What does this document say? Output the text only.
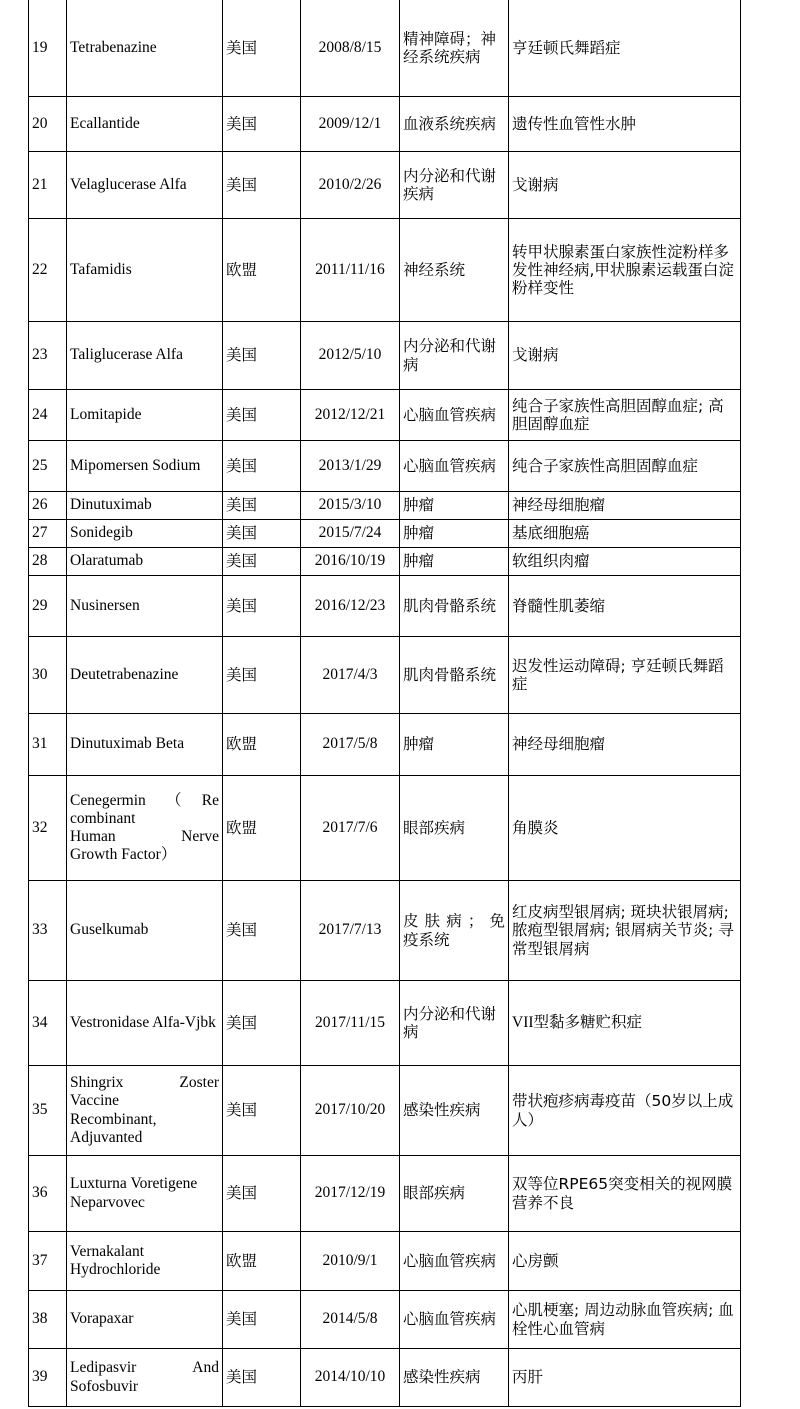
19	Tetrabenazine	美国	2008/8/15	精神障碍；神经系统疾病	亨廷顿氏舞蹈症
20	Ecallantide	美国	2009/12/1	血液系统疾病	遗传性血管性水肿
21	Velaglucerase Alfa	美国	2010/2/26	内分泌和代谢疾病	戈谢病
22	Tafamidis	欧盟	2011/11/16	神经系统	转甲状腺素蛋白家族性淀粉样多发性神经病,甲状腺素运载蛋白淀粉样变性
23	Taliglucerase Alfa	美国	2012/5/10	内分泌和代谢病	戈谢病
24	Lomitapide	美国	2012/12/21	心脑血管疾病	纯合子家族性高胆固醇血症; 高胆固醇血症
25	Mipomersen Sodium	美国	2013/1/29	心脑血管疾病	纯合子家族性高胆固醇血症
26	Dinutuximab	美国	2015/3/10	肿瘤	神经母细胞瘤
27	Sonidegib	美国	2015/7/24	肿瘤	基底细胞癌
28	Olaratumab	美国	2016/10/19	肿瘤	软组织肉瘤
29	Nusinersen	美国	2016/12/23	肌肉骨骼系统	脊髓性肌萎缩
30	Deutetrabenazine	美国	2017/4/3	肌肉骨骼系统	迟发性运动障碍; 亨廷顿氏舞蹈症
31	Dinutuximab Beta	欧盟	2017/5/8	肿瘤	神经母细胞瘤
32	Cenegermin（Re
combinant
Human Nerve
Growth Factor）	欧盟	2017/7/6	眼部疾病	角膜炎
33	Guselkumab	美国	2017/7/13	皮肤病；免
疫系统	红皮病型银屑病; 斑块状银屑病; 脓疱型银屑病; 银屑病关节炎; 寻常型银屑病
34	Vestronidase Alfa-Vjbk	美国	2017/11/15	内分泌和代谢病	VII型黏多糖贮积症
35	Shingrix Zoster
Vaccine
Recombinant,
Adjuvanted	美国	2017/10/20	感染性疾病	带状疱疹病毒疫苗（50岁以上成人）
36	Luxturna Voretigene Neparvovec	美国	2017/12/19	眼部疾病	双等位RPE65突变相关的视网膜营养不良
37	Vernakalant Hydrochloride	欧盟	2010/9/1	心脑血管疾病	心房颤
38	Vorapaxar	美国	2014/5/8	心脑血管疾病	心肌梗塞; 周边动脉血管疾病; 血栓性心血管病
39	Ledipasvir And
Sofosbuvir	美国	2014/10/10	感染性疾病	丙肝
